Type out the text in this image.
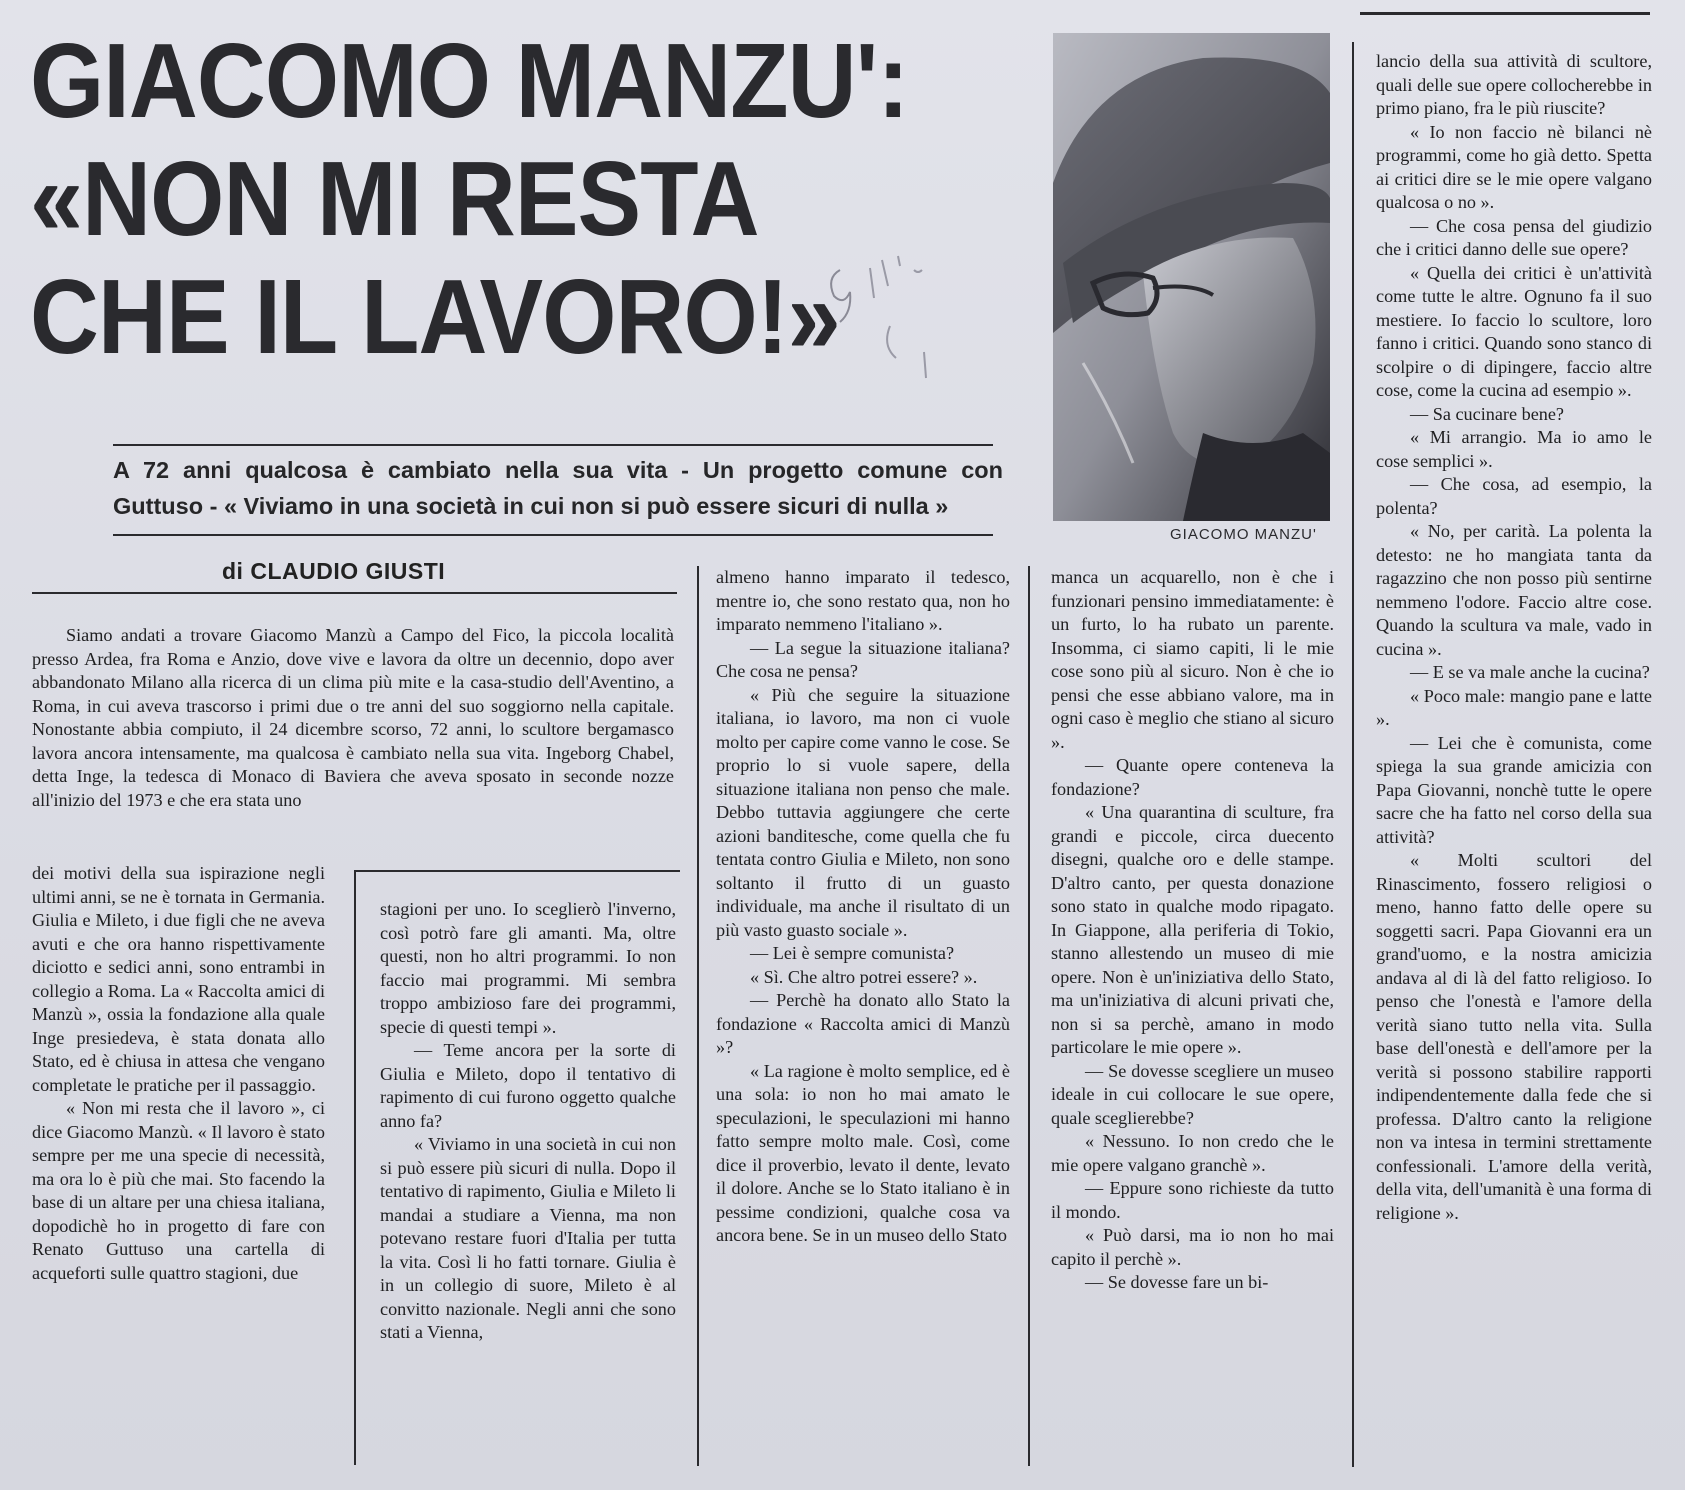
GIACOMO MANZU':
«NON MI RESTA
CHE IL LAVORO!»

A 72 anni qualcosa è cambiato nella sua vita - Un progetto comune con Guttuso - « Viviamo in una società in cui non si può essere sicuri di nulla »

di CLAUDIO GIUSTI

GIACOMO MANZU'

Siamo andati a trovare Giacomo Manzù a Campo del Fico, la piccola località presso Ardea, fra Roma e Anzio, dove vive e lavora da oltre un decennio, dopo aver abbandonato Milano alla ricerca di un clima più mite e la casa-studio dell'Aventino, a Roma, in cui aveva trascorso i primi due o tre anni del suo soggiorno nella capitale. Nonostante abbia compiuto, il 24 dicembre scorso, 72 anni, lo scultore bergamasco lavora ancora intensamente, ma qualcosa è cambiato nella sua vita. Ingeborg Chabel, detta Inge, la tedesca di Monaco di Baviera che aveva sposato in seconde nozze all'inizio del 1973 e che era stata uno

dei motivi della sua ispirazione negli ultimi anni, se ne è tornata in Germania. Giulia e Mileto, i due figli che ne aveva avuti e che ora hanno rispettivamente diciotto e sedici anni, sono entrambi in collegio a Roma. La « Raccolta amici di Manzù », ossia la fondazione alla quale Inge presiedeva, è stata donata allo Stato, ed è chiusa in attesa che vengano completate le pratiche per il passaggio.

« Non mi resta che il lavoro », ci dice Giacomo Manzù. « Il lavoro è stato sempre per me una specie di necessità, ma ora lo è più che mai. Sto facendo la base di un altare per una chiesa italiana, dopodichè ho in progetto di fare con Renato Guttuso una cartella di acqueforti sulle quattro stagioni, due

stagioni per uno. Io sceglierò l'inverno, così potrò fare gli amanti. Ma, oltre questi, non ho altri programmi. Io non faccio mai programmi. Mi sembra troppo ambizioso fare dei programmi, specie di questi tempi ».

— Teme ancora per la sorte di Giulia e Mileto, dopo il tentativo di rapimento di cui furono oggetto qualche anno fa?

« Viviamo in una società in cui non si può essere più sicuri di nulla. Dopo il tentativo di rapimento, Giulia e Mileto li mandai a studiare a Vienna, ma non potevano restare fuori d'Italia per tutta la vita. Così li ho fatti tornare. Giulia è in un collegio di suore, Mileto è al convitto nazionale. Negli anni che sono stati a Vienna,

almeno hanno imparato il tedesco, mentre io, che sono restato qua, non ho imparato nemmeno l'italiano ».

— La segue la situazione italiana? Che cosa ne pensa?

« Più che seguire la situazione italiana, io lavoro, ma non ci vuole molto per capire come vanno le cose. Se proprio lo si vuole sapere, della situazione italiana non penso che male. Debbo tuttavia aggiungere che certe azioni banditesche, come quella che fu tentata contro Giulia e Mileto, non sono soltanto il frutto di un guasto individuale, ma anche il risultato di un più vasto guasto sociale ».

— Lei è sempre comunista?

« Sì. Che altro potrei essere? ».

— Perchè ha donato allo Stato la fondazione « Raccolta amici di Manzù »?

« La ragione è molto semplice, ed è una sola: io non ho mai amato le speculazioni, le speculazioni mi hanno fatto sempre molto male. Così, come dice il proverbio, levato il dente, levato il dolore. Anche se lo Stato italiano è in pessime condizioni, qualche cosa va ancora bene. Se in un museo dello Stato

manca un acquarello, non è che i funzionari pensino immediatamente: è un furto, lo ha rubato un parente. Insomma, ci siamo capiti, li le mie cose sono più al sicuro. Non è che io pensi che esse abbiano valore, ma in ogni caso è meglio che stiano al sicuro ».

— Quante opere conteneva la fondazione?

« Una quarantina di sculture, fra grandi e piccole, circa duecento disegni, qualche oro e delle stampe. D'altro canto, per questa donazione sono stato in qualche modo ripagato. In Giappone, alla periferia di Tokio, stanno allestendo un museo di mie opere. Non è un'iniziativa dello Stato, ma un'iniziativa di alcuni privati che, non si sa perchè, amano in modo particolare le mie opere ».

— Se dovesse scegliere un museo ideale in cui collocare le sue opere, quale sceglierebbe?

« Nessuno. Io non credo che le mie opere valgano granchè ».

— Eppure sono richieste da tutto il mondo.

« Può darsi, ma io non ho mai capito il perchè ».

— Se dovesse fare un bi-

lancio della sua attività di scultore, quali delle sue opere collocherebbe in primo piano, fra le più riuscite?

« Io non faccio nè bilanci nè programmi, come ho già detto. Spetta ai critici dire se le mie opere valgano qualcosa o no ».

— Che cosa pensa del giudizio che i critici danno delle sue opere?

« Quella dei critici è un'attività come tutte le altre. Ognuno fa il suo mestiere. Io faccio lo scultore, loro fanno i critici. Quando sono stanco di scolpire o di dipingere, faccio altre cose, come la cucina ad esempio ».

— Sa cucinare bene?

« Mi arrangio. Ma io amo le cose semplici ».

— Che cosa, ad esempio, la polenta?

« No, per carità. La polenta la detesto: ne ho mangiata tanta da ragazzino che non posso più sentirne nemmeno l'odore. Faccio altre cose. Quando la scultura va male, vado in cucina ».

— E se va male anche la cucina?

« Poco male: mangio pane e latte ».

— Lei che è comunista, come spiega la sua grande amicizia con Papa Giovanni, nonchè tutte le opere sacre che ha fatto nel corso della sua attività?

« Molti scultori del Rinascimento, fossero religiosi o meno, hanno fatto delle opere su soggetti sacri. Papa Giovanni era un grand'uomo, e la nostra amicizia andava al di là del fatto religioso. Io penso che l'onestà e l'amore della verità siano tutto nella vita. Sulla base dell'onestà e dell'amore per la verità si possono stabilire rapporti indipendentemente dalla fede che si professa. D'altro canto la religione non va intesa in termini strettamente confessionali. L'amore della verità, della vita, dell'umanità è una forma di religione ».
